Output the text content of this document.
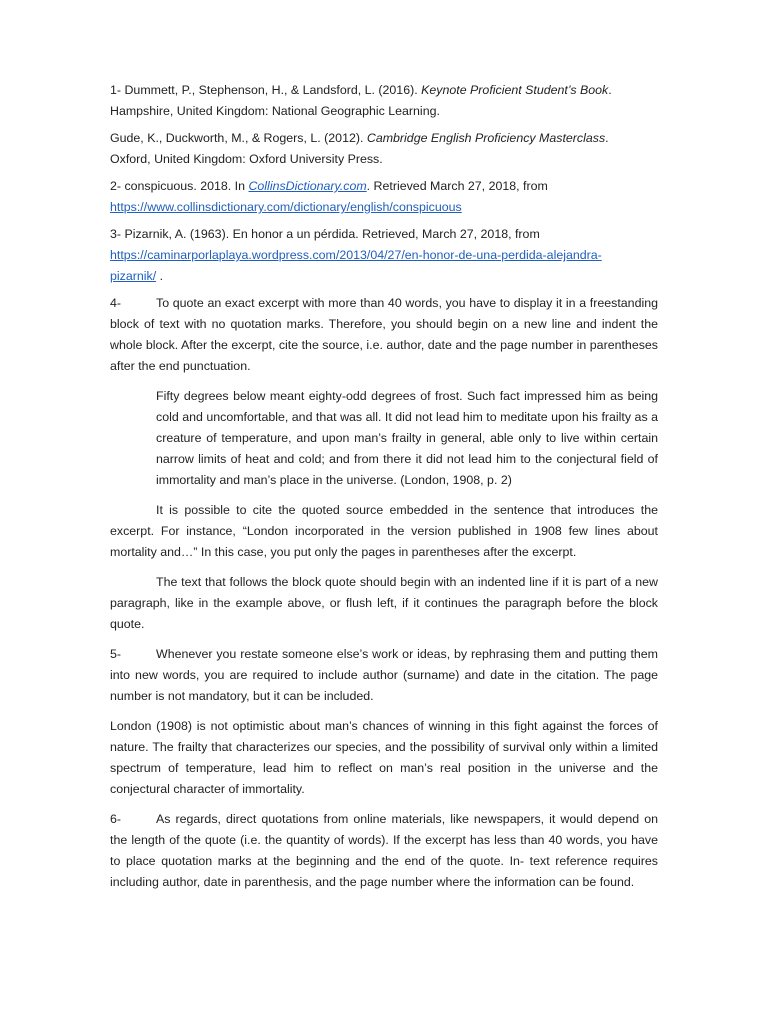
1- Dummett, P., Stephenson, H., & Landsford, L. (2016). Keynote Proficient Student’s Book.
Hampshire, United Kingdom: National Geographic Learning.

Gude, K., Duckworth, M., & Rogers, L. (2012). Cambridge English Proficiency Masterclass.
Oxford, United Kingdom: Oxford University Press.

2- conspicuous. 2018. In CollinsDictionary.com. Retrieved March 27, 2018, from
https://www.collinsdictionary.com/dictionary/english/conspicuous

3- Pizarnik, A. (1963). En honor a un pérdida. Retrieved, March 27, 2018, from
https://caminarporlaplaya.wordpress.com/2013/04/27/en-honor-de-una-perdida-alejandra-
pizarnik/ .

4-	To quote an exact excerpt with more than 40 words, you have to display it in a freestanding block of text with no quotation marks. Therefore, you should begin on a new line and indent the whole block. After the excerpt, cite the source, i.e. author, date and the page number in parentheses after the end punctuation.

Fifty degrees below meant eighty-odd degrees of frost. Such fact impressed him as being cold and uncomfortable, and that was all. It did not lead him to meditate upon his frailty as a creature of temperature, and upon man’s frailty in general, able only to live within certain narrow limits of heat and cold; and from there it did not lead him to the conjectural field of immortality and man’s place in the universe. (London, 1908, p. 2)

It is possible to cite the quoted source embedded in the sentence that introduces the excerpt. For instance, “London incorporated in the version published in 1908 few lines about mortality and…” In this case, you put only the pages in parentheses after the excerpt.

The text that follows the block quote should begin with an indented line if it is part of a new paragraph, like in the example above, or flush left, if it continues the paragraph before the block quote.

5-	Whenever you restate someone else’s work or ideas, by rephrasing them and putting them into new words, you are required to include author (surname) and date in the citation. The page number is not mandatory, but it can be included.

London (1908) is not optimistic about man’s chances of winning in this fight against the forces of nature. The frailty that characterizes our species, and the possibility of survival only within a limited spectrum of temperature, lead him to reflect on man’s real position in the universe and the conjectural character of immortality.

6-	As regards, direct quotations from online materials, like newspapers, it would depend on the length of the quote (i.e. the quantity of words). If the excerpt has less than 40 words, you have to place quotation marks at the beginning and the end of the quote. In- text reference requires including author, date in parenthesis, and the page number where the information can be found.
